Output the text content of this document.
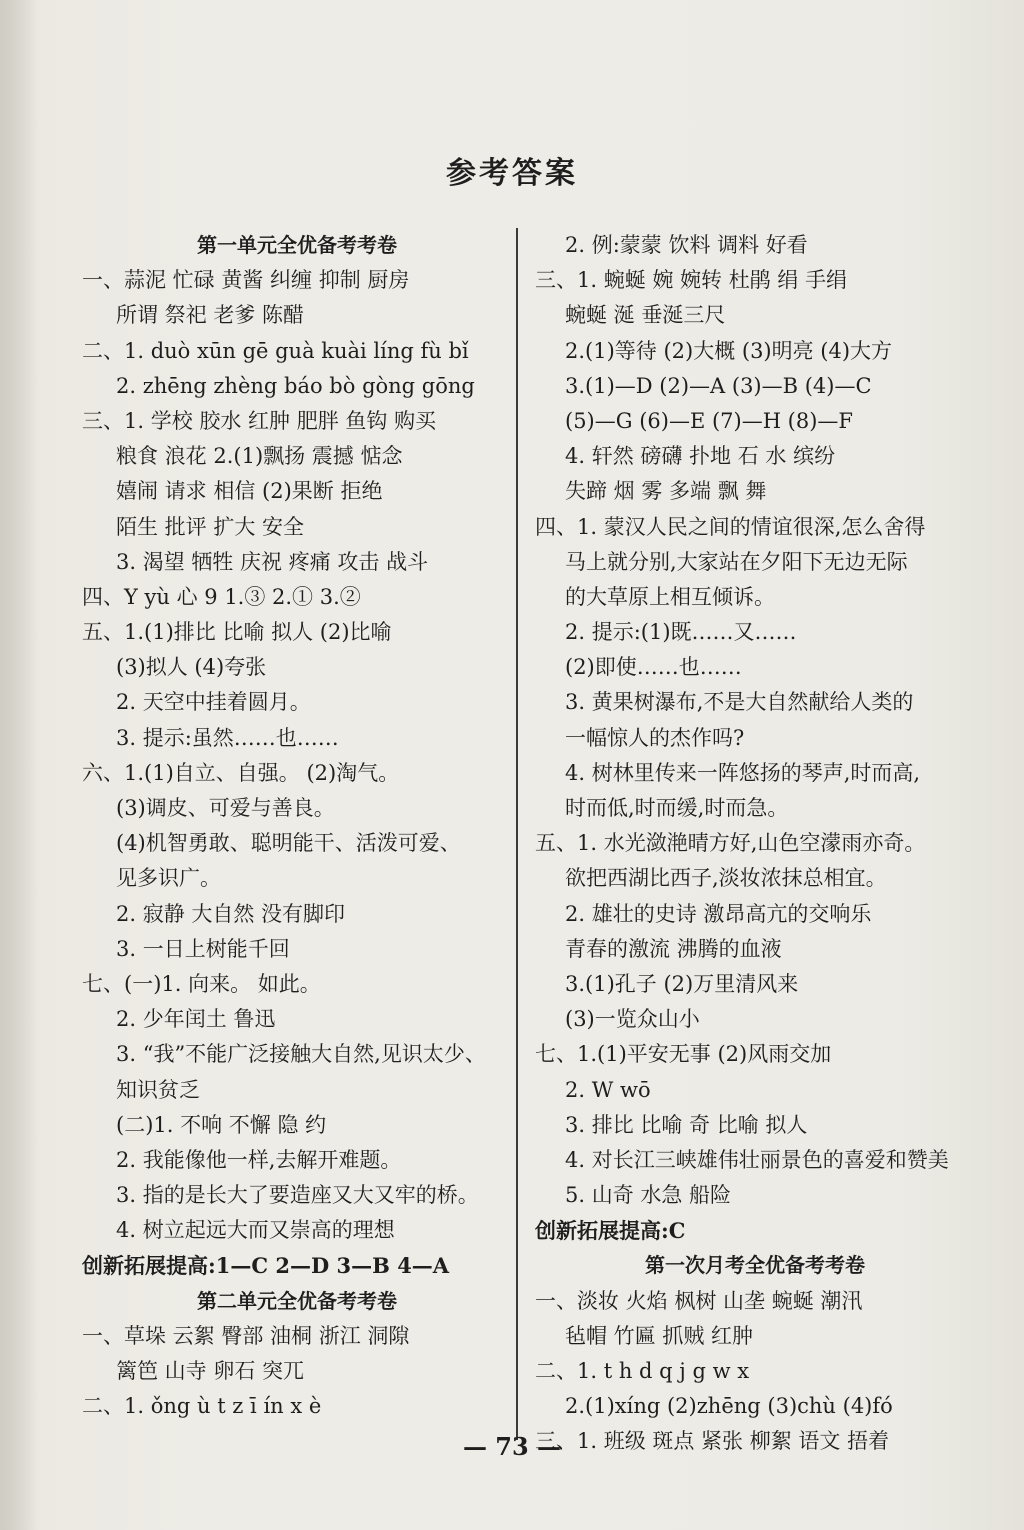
参考答案
第一单元全优备考考卷
一、蒜泥 忙碌 黄酱 纠缠 抑制 厨房
所谓 祭祀 老爹 陈醋
二、1. duò xūn gē guà kuài líng fù bǐ
2. zhēng zhèng báo bò gòng gōng
三、1. 学校 胶水 红肿 肥胖 鱼钩 购买
粮食 浪花 2.(1)飘扬 震撼 惦念
嬉闹 请求 相信 (2)果断 拒绝
陌生 批评 扩大 安全
3. 渴望 牺牲 庆祝 疼痛 攻击 战斗
四、Y yù 心 9 1.③ 2.① 3.②
五、1.(1)排比 比喻 拟人 (2)比喻
(3)拟人 (4)夸张
2. 天空中挂着圆月。
3. 提示:虽然……也……
六、1.(1)自立、自强。 (2)淘气。
(3)调皮、可爱与善良。
(4)机智勇敢、聪明能干、活泼可爱、
见多识广。
2. 寂静 大自然 没有脚印
3. 一日上树能千回
七、(一)1. 向来。 如此。
2. 少年闰土 鲁迅
3. “我”不能广泛接触大自然,见识太少、
知识贫乏
(二)1. 不响 不懈 隐 约
2. 我能像他一样,去解开难题。
3. 指的是长大了要造座又大又牢的桥。
4. 树立起远大而又崇高的理想
创新拓展提高:1—C 2—D 3—B 4—A
第二单元全优备考考卷
一、草垛 云絮 臀部 油桐 浙江 洞隙
篱笆 山寺 卵石 突兀
二、1. ǒng ù t z ī ín x è
2. 例:蒙蒙 饮料 调料 好看
三、1. 蜿蜒 婉 婉转 杜鹃 绢 手绢
蜿蜒 涎 垂涎三尺
2.(1)等待 (2)大概 (3)明亮 (4)大方
3.(1)—D (2)—A (3)—B (4)—C
(5)—G (6)—E (7)—H (8)—F
4. 轩然 磅礴 扑地 石 水 缤纷
失蹄 烟 雾 多端 飘 舞
四、1. 蒙汉人民之间的情谊很深,怎么舍得
马上就分别,大家站在夕阳下无边无际
的大草原上相互倾诉。
2. 提示:(1)既……又……
(2)即使……也……
3. 黄果树瀑布,不是大自然献给人类的
一幅惊人的杰作吗?
4. 树林里传来一阵悠扬的琴声,时而高,
时而低,时而缓,时而急。
五、1. 水光潋滟晴方好,山色空濛雨亦奇。
欲把西湖比西子,淡妆浓抹总相宜。
2. 雄壮的史诗 激昂高亢的交响乐
青春的激流 沸腾的血液
3.(1)孔子 (2)万里清风来
(3)一览众山小
七、1.(1)平安无事 (2)风雨交加
2. W wō
3. 排比 比喻 奇 比喻 拟人
4. 对长江三峡雄伟壮丽景色的喜爱和赞美
5. 山奇 水急 船险
创新拓展提高:C
第一次月考全优备考考卷
一、淡妆 火焰 枫树 山垄 蜿蜒 潮汛
毡帽 竹匾 抓贼 红肿
二、1. t h d q j g w x
2.(1)xíng (2)zhēng (3)chù (4)fó
三、1. 班级 斑点 紧张 柳絮 语文 捂着
— 73 —
